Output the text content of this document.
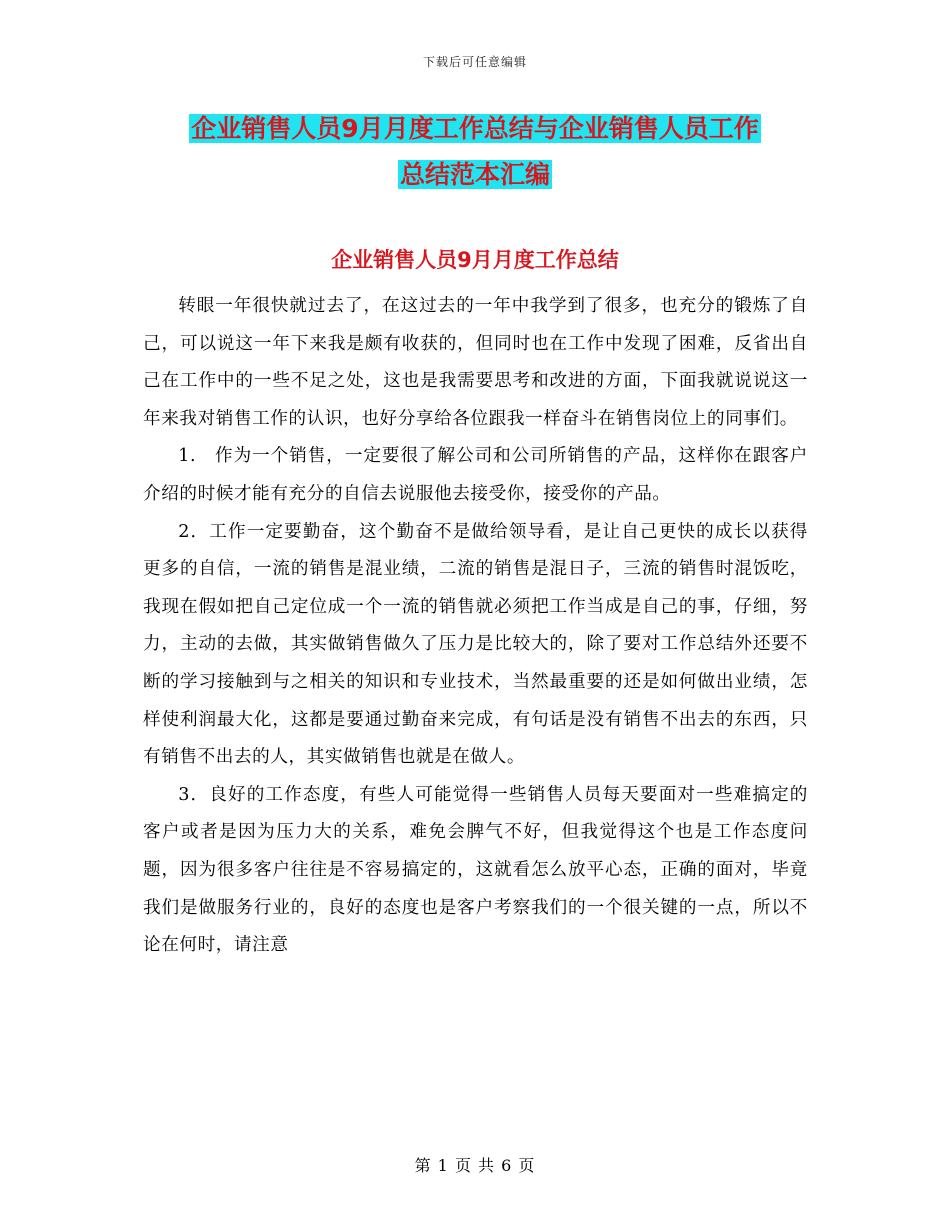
下载后可任意编辑
企业销售人员9月月度工作总结与企业销售人员工作
总结范本汇编
企业销售人员9月月度工作总结

转眼一年很快就过去了，在这过去的一年中我学到了很多，也充分的锻炼了自己，可以说这一年下来我是颇有收获的，但同时也在工作中发现了困难，反省出自己在工作中的一些不足之处，这也是我需要思考和改进的方面，下面我就说说这一年来我对销售工作的认识，也好分享给各位跟我一样奋斗在销售岗位上的同事们。

1.　作为一个销售，一定要很了解公司和公司所销售的产品，这样你在跟客户介绍的时候才能有充分的自信去说服他去接受你，接受你的产品。

2．工作一定要勤奋，这个勤奋不是做给领导看，是让自己更快的成长以获得更多的自信，一流的销售是混业绩，二流的销售是混日子，三流的销售时混饭吃，我现在假如把自己定位成一个一流的销售就必须把工作当成是自己的事，仔细，努力，主动的去做，其实做销售做久了压力是比较大的，除了要对工作总结外还要不断的学习接触到与之相关的知识和专业技术，当然最重要的还是如何做出业绩，怎样使利润最大化，这都是要通过勤奋来完成，有句话是没有销售不出去的东西，只有销售不出去的人，其实做销售也就是在做人。

3．良好的工作态度，有些人可能觉得一些销售人员每天要面对一些难搞定的客户或者是因为压力大的关系，难免会脾气不好，但我觉得这个也是工作态度问题，因为很多客户往往是不容易搞定的，这就看怎么放平心态，正确的面对，毕竟我们是做服务行业的，良好的态度也是客户考察我们的一个很关键的一点，所以不论在何时，请注意

第 1 页 共 6 页
